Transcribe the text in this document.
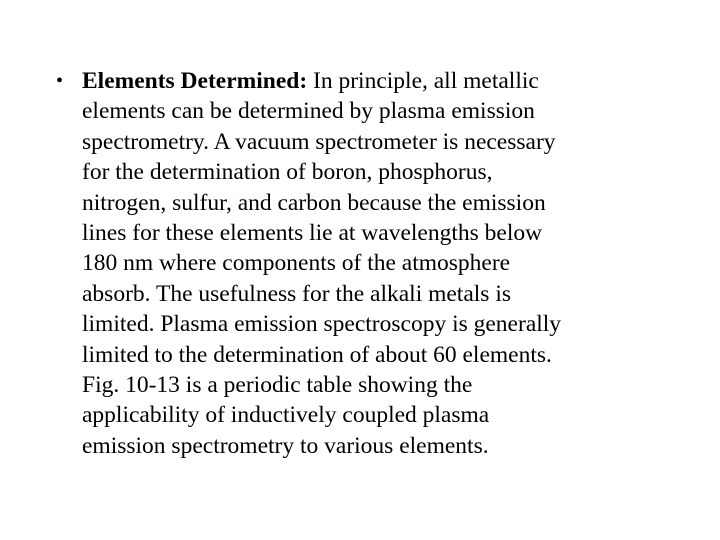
• Elements Determined: In principle, all metallic
elements can be determined by plasma emission
spectrometry. A vacuum spectrometer is necessary
for the determination of boron, phosphorus,
nitrogen, sulfur, and carbon because the emission
lines for these elements lie at wavelengths below
180 nm where components of the atmosphere
absorb. The usefulness for the alkali metals is
limited. Plasma emission spectroscopy is generally
limited to the determination of about 60 elements.
Fig. 10-13 is a periodic table showing the
applicability of inductively coupled plasma
emission spectrometry to various elements.
